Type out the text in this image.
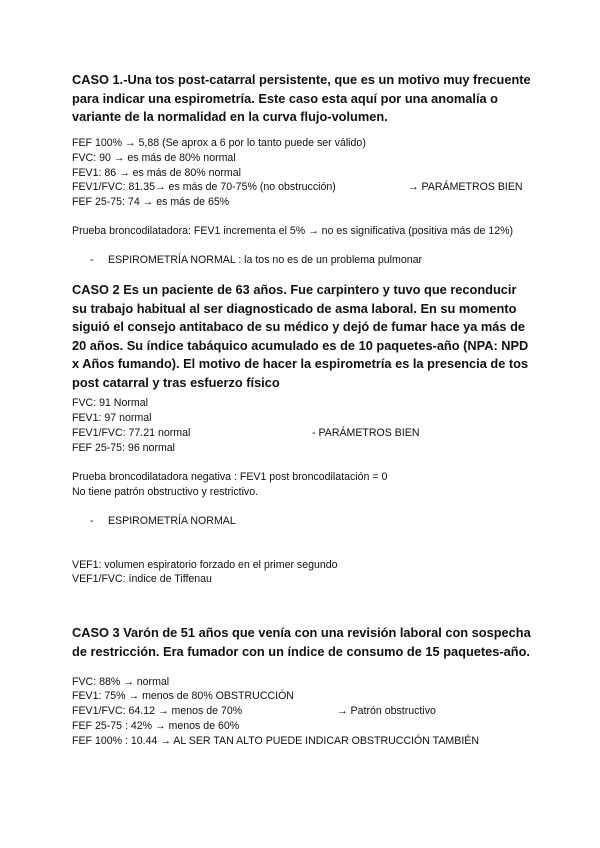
CASO 1.-Una tos post-catarral persistente, que es un motivo muy frecuente para indicar una espirometría. Este caso esta aquí por una anomalía o variante de la normalidad en la curva flujo-volumen.

FEF 100% → 5,88 (Se aprox a 6 por lo tanto puede ser válido)
FVC: 90 → es más de 80% normal
FEV1: 86 → es más de 80% normal
FEV1/FVC: 81.35→ es más de 70-75% (no obstrucción)	→ PARÁMETROS BIEN
FEF 25-75: 74 → es más de 65%
Prueba broncodilatadora: FEV1 incrementa el 5% → no es significativa (positiva más de 12%)
- ESPIROMETRÍA NORMAL : la tos no es de un problema pulmonar

CASO 2 Es un paciente de 63 años. Fue carpintero y tuvo que reconducir su trabajo habitual al ser diagnosticado de asma laboral. En su momento siguió el consejo antitabaco de su médico y dejó de fumar hace ya más de 20 años. Su índice tabáquico acumulado es de 10 paquetes-año (NPA: NPD x Años fumando). El motivo de hacer la espirometría es la presencia de tos post catarral y tras esfuerzo físico

FVC: 91 Normal
FEV1: 97 normal
FEV1/FVC: 77.21 normal	- PARÁMETROS BIEN
FEF 25-75: 96 normal
Prueba broncodilatadora negativa : FEV1 post broncodilatación = 0
No tiene patrón obstructivo y restrictivo.
- ESPIROMETRÍA NORMAL
VEF1: volumen espiratorio forzado en el primer segundo
VEF1/FVC: índice de Tiffenau

CASO 3 Varón de 51 años que venía con una revisión laboral con sospecha de restricción. Era fumador con un índice de consumo de 15 paquetes-año.

FVC: 88% → normal
FEV1: 75% → menos de 80% OBSTRUCCIÓN
FEV1/FVC: 64.12 → menos de 70%	→ Patrón obstructivo
FEF 25-75 : 42% → menos de 60%
FEF 100% : 10.44 → AL SER TAN ALTO PUEDE INDICAR OBSTRUCCIÓN TAMBIÉN
